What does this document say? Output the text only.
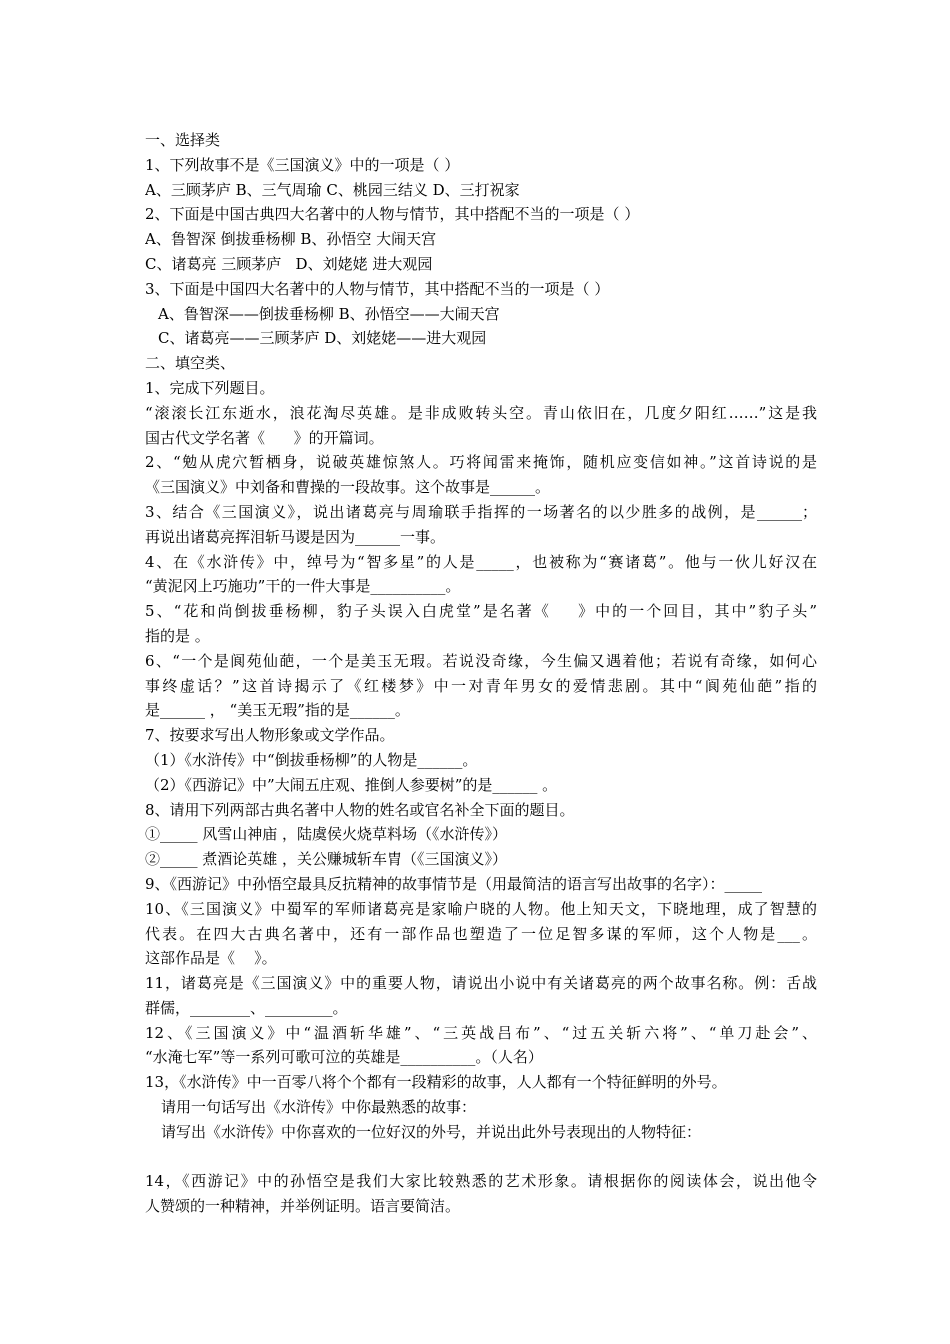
一、选择类
1、下列故事不是《三国演义》中的一项是（ ）
A、三顾茅庐 B、三气周瑜 C、桃园三结义 D、三打祝家
2、下面是中国古典四大名著中的人物与情节，其中搭配不当的一项是（ ）
A、鲁智深 倒拔垂杨柳 B、孙悟空 大闹天宫
C、诸葛亮 三顾茅庐   D、刘姥姥 进大观园
3、下面是中国四大名著中的人物与情节，其中搭配不当的一项是（ ）
A、鲁智深——倒拔垂杨柳 B、孙悟空——大闹天宫
C、诸葛亮——三顾茅庐 D、刘姥姥——进大观园
二、填空类、
1、完成下列题目。
“滚滚长江东逝水，浪花淘尽英雄。是非成败转头空。青山依旧在，几度夕阳红……”这是我
国古代文学名著《      》的开篇词。
2、“勉从虎穴暂栖身，说破英雄惊煞人。巧将闻雷来掩饰，随机应变信如神。”这首诗说的是
《三国演义》中刘备和曹操的一段故事。这个故事是______。
3、结合《三国演义》，说出诸葛亮与周瑜联手指挥的一场著名的以少胜多的战例，是______；
再说出诸葛亮挥泪斩马谡是因为______一事。
4、在《水浒传》中，绰号为“智多星”的人是_____，也被称为“赛诸葛”。他与一伙儿好汉在
“黄泥冈上巧施功”干的一件大事是__________。
5、“花和尚倒拔垂杨柳，豹子头误入白虎堂”是名著《    》中的一个回目，其中”豹子头”
指的是 。
6、“一个是阆苑仙葩，一个是美玉无瑕。若说没奇缘，今生偏又遇着他；若说有奇缘，如何心
事终虚话？”这首诗揭示了《红楼梦》中一对青年男女的爱情悲剧。其中“阆苑仙葩”指的
是______ ， “美玉无瑕”指的是______。
7、按要求写出人物形象或文学作品。
（1）《水浒传》中“倒拔垂杨柳”的人物是______。
（2）《西游记》中”大闹五庄观、推倒人参要树”的是______ 。
8、请用下列两部古典名著中人物的姓名或官名补全下面的题目。
①_____ 风雪山神庙 ，陆虞侯火烧草料场（《水浒传》）
②_____ 煮酒论英雄 ，关公赚城斩车胄（《三国演义》）
9、《西游记》中孙悟空最具反抗精神的故事情节是（用最简洁的语言写出故事的名字）：_____
10、《三国演义》中蜀军的军师诸葛亮是家喻户晓的人物。他上知天文，下晓地理，成了智慧的
代表。在四大古典名著中，还有一部作品也塑造了一位足智多谋的军师，这个人物是___。
这部作品是《    》。
11，诸葛亮是《三国演义》中的重要人物，请说出小说中有关诸葛亮的两个故事名称。例：舌战
群儒，________、_________。
12、《三国演义》中“温酒斩华雄”、“三英战吕布”、“过五关斩六将”、“单刀赴会”、
“水淹七军”等一系列可歌可泣的英雄是__________。（人名）
13，《水浒传》中一百零八将个个都有一段精彩的故事，人人都有一个特征鲜明的外号。
请用一句话写出《水浒传》中你最熟悉的故事：
请写出《水浒传》中你喜欢的一位好汉的外号，并说出此外号表现出的人物特征：
14，《西游记》中的孙悟空是我们大家比较熟悉的艺术形象。请根据你的阅读体会，说出他令
人赞颂的一种精神，并举例证明。语言要简洁。
